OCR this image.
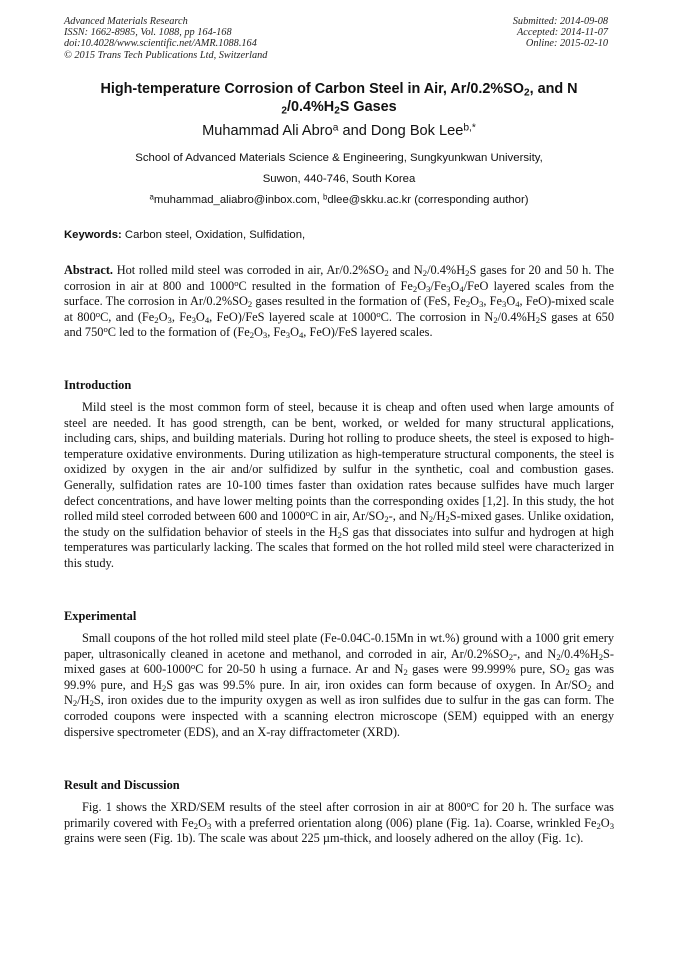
Advanced Materials Research
ISSN: 1662-8985, Vol. 1088, pp 164-168
doi:10.4028/www.scientific.net/AMR.1088.164
© 2015 Trans Tech Publications Ltd, Switzerland
Submitted: 2014-09-08
Accepted: 2014-11-07
Online: 2015-02-10
High-temperature Corrosion of Carbon Steel in Air, $Ar/0.2\%SO_2$, and N
$_2/0.4\%H_2S$ Gases
Muhammad Ali Abro$^a$ and Dong Bok Lee$^{b,*}$
School of Advanced Materials Science & Engineering, Sungkyunkwan University,
Suwon, 440-746, South Korea
$^a$muhammad_aliabro@inbox.com, $^b$dlee@skku.ac.kr (corresponding author)
Keywords: Carbon steel, Oxidation, Sulfidation,
Abstract. Hot rolled mild steel was corroded in air, $Ar/0.2\%SO_2$ and $N_2/0.4\%H_2S$ gases for 20 and 50 h. The corrosion in air at 800 and 1000$^o$C resulted in the formation of $Fe_2O_3/Fe_3O_4$/FeO layered scales from the surface. The corrosion in $Ar/0.2\%SO_2$ gases resulted in the formation of (FeS, $Fe_2O_3$, $Fe_3O_4$, FeO)-mixed scale at 800$^o$C, and ($Fe_2O_3$, $Fe_3O_4$, FeO)/FeS layered scale at 1000$^o$C. The corrosion in $N_2/0.4\%H_2S$ gases at 650 and 750$^o$C led to the formation of ($Fe_2O_3$, $Fe_3O_4$, FeO)/FeS layered scales.
Introduction
Mild steel is the most common form of steel, because it is cheap and often used when large amounts of steel are needed. It has good strength, can be bent, worked, or welded for many structural applications, including cars, ships, and building materials. During hot rolling to produce sheets, the steel is exposed to high-temperature oxidative environments. During utilization as high-temperature structural components, the steel is oxidized by oxygen in the air and/or sulfidized by sulfur in the synthetic, coal and combustion gases. Generally, sulfidation rates are 10-100 times faster than oxidation rates because sulfides have much larger defect concentrations, and have lower melting points than the corresponding oxides [1,2]. In this study, the hot rolled mild steel corroded between 600 and 1000$^o$C in air, $Ar/SO_2-$, and $N_2/H_2S$-mixed gases. Unlike oxidation, the study on the sulfidation behavior of steels in the $H_2S$ gas that dissociates into sulfur and hydrogen at high temperatures was particularly lacking. The scales that formed on the hot rolled mild steel were characterized in this study.
Experimental
Small coupons of the hot rolled mild steel plate (Fe-0.04C-0.15Mn in wt.%) ground with a 1000 grit emery paper, ultrasonically cleaned in acetone and methanol, and corroded in air, $Ar/0.2\%SO_2-$, and $N_2/0.4\%H_2S$-mixed gases at 600-1000$^o$C for 20-50 h using a furnace. Ar and $N_2$ gases were 99.999% pure, $SO_2$ gas was 99.9% pure, and $H_2S$ gas was 99.5% pure. In air, iron oxides can form because of oxygen. In $Ar/SO_2$ and $N_2/H_2S$, iron oxides due to the impurity oxygen as well as iron sulfides due to sulfur in the gas can form. The corroded coupons were inspected with a scanning electron microscope (SEM) equipped with an energy dispersive spectrometer (EDS), and an X-ray diffractometer (XRD).
Result and Discussion
Fig. 1 shows the XRD/SEM results of the steel after corrosion in air at 800$^o$C for 20 h. The surface was primarily covered with $Fe_2O_3$ with a preferred orientation along (006) plane (Fig. 1a). Coarse, wrinkled $Fe_2O_3$ grains were seen (Fig. 1b). The scale was about 225 µm-thick, and loosely adhered on the alloy (Fig. 1c).
